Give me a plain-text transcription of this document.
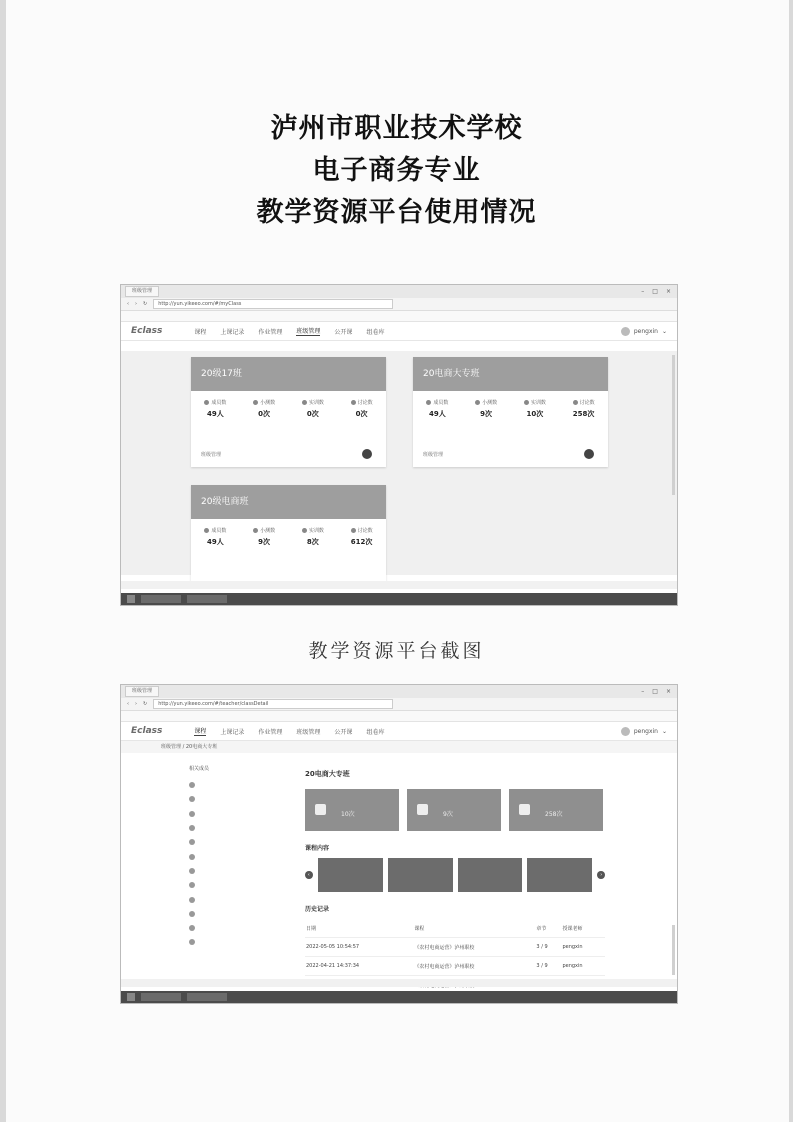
泸州市职业技术学校
电子商务专业
教学资源平台使用情况
班级管理	– □ ×
‹ › ↻	http://yun.yikeeo.com/#/myClass
Eclass	课程 上课记录 作业管理 班级管理 公开课 组卷库	pengxin ⌄
20级17班
成员数
49人
小测数
0次
实训数
0次
讨论数
0次
班级管理
20电商大专班
成员数
49人
小测数
9次
实训数
10次
讨论数
258次
班级管理
20级电商班
成员数
49人
小测数
9次
实训数
8次
讨论数
612次
教学资源平台截图
班级管理	– □ ×
‹ › ↻	http://yun.yikeeo.com/#/teacher/classDetail
Eclass	课程 上课记录 作业管理 班级管理 公开课 组卷库	pengxin ⌄
班级管理 / 20电商大专班
相关成员
20电商大专班
10次	9次	258次
课程内容
‹	›
历史记录
日期	课程	章节	授课老师
2022-05-05 10:54:57	《农村电商运营》泸州职校	3 / 9	pengxin
2022-04-21 14:37:34	《农村电商运营》泸州职校	3 / 9	pengxin
